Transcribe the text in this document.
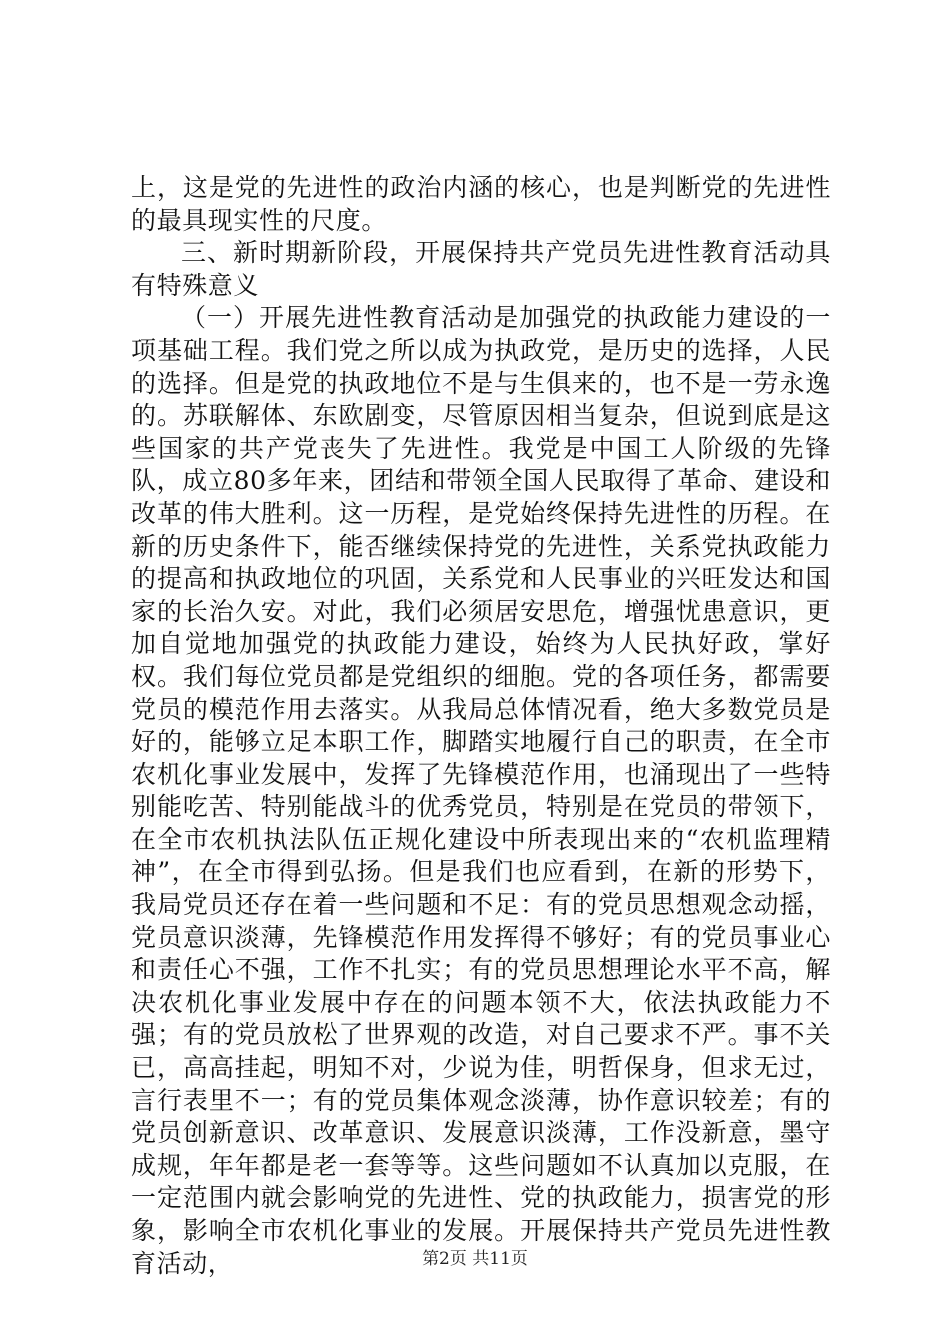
上，这是党的先进性的政治内涵的核心，也是判断党的先进性的最具现实性的尺度。

三、新时期新阶段，开展保持共产党员先进性教育活动具有特殊意义

（一）开展先进性教育活动是加强党的执政能力建设的一项基础工程。我们党之所以成为执政党，是历史的选择，人民的选择。但是党的执政地位不是与生俱来的，也不是一劳永逸的。苏联解体、东欧剧变，尽管原因相当复杂，但说到底是这些国家的共产党丧失了先进性。我党是中国工人阶级的先锋队，成立80多年来，团结和带领全国人民取得了革命、建设和改革的伟大胜利。这一历程，是党始终保持先进性的历程。在新的历史条件下，能否继续保持党的先进性，关系党执政能力的提高和执政地位的巩固，关系党和人民事业的兴旺发达和国家的长治久安。对此，我们必须居安思危，增强忧患意识，更加自觉地加强党的执政能力建设，始终为人民执好政，掌好权。我们每位党员都是党组织的细胞。党的各项任务，都需要党员的模范作用去落实。从我局总体情况看，绝大多数党员是好的，能够立足本职工作，脚踏实地履行自己的职责，在全市农机化事业发展中，发挥了先锋模范作用，也涌现出了一些特别能吃苦、特别能战斗的优秀党员，特别是在党员的带领下，在全市农机执法队伍正规化建设中所表现出来的“农机监理精神”，在全市得到弘扬。但是我们也应看到，在新的形势下，我局党员还存在着一些问题和不足：有的党员思想观念动摇，党员意识淡薄，先锋模范作用发挥得不够好；有的党员事业心和责任心不强，工作不扎实；有的党员思想理论水平不高，解决农机化事业发展中存在的问题本领不大，依法执政能力不强；有的党员放松了世界观的改造，对自己要求不严。事不关已，高高挂起，明知不对，少说为佳，明哲保身，但求无过，言行表里不一；有的党员集体观念淡薄，协作意识较差；有的党员创新意识、改革意识、发展意识淡薄，工作没新意，墨守成规，年年都是老一套等等。这些问题如不认真加以克服，在一定范围内就会影响党的先进性、党的执政能力，损害党的形象，影响全市农机化事业的发展。开展保持共产党员先进性教育活动，	第2页 共11页
